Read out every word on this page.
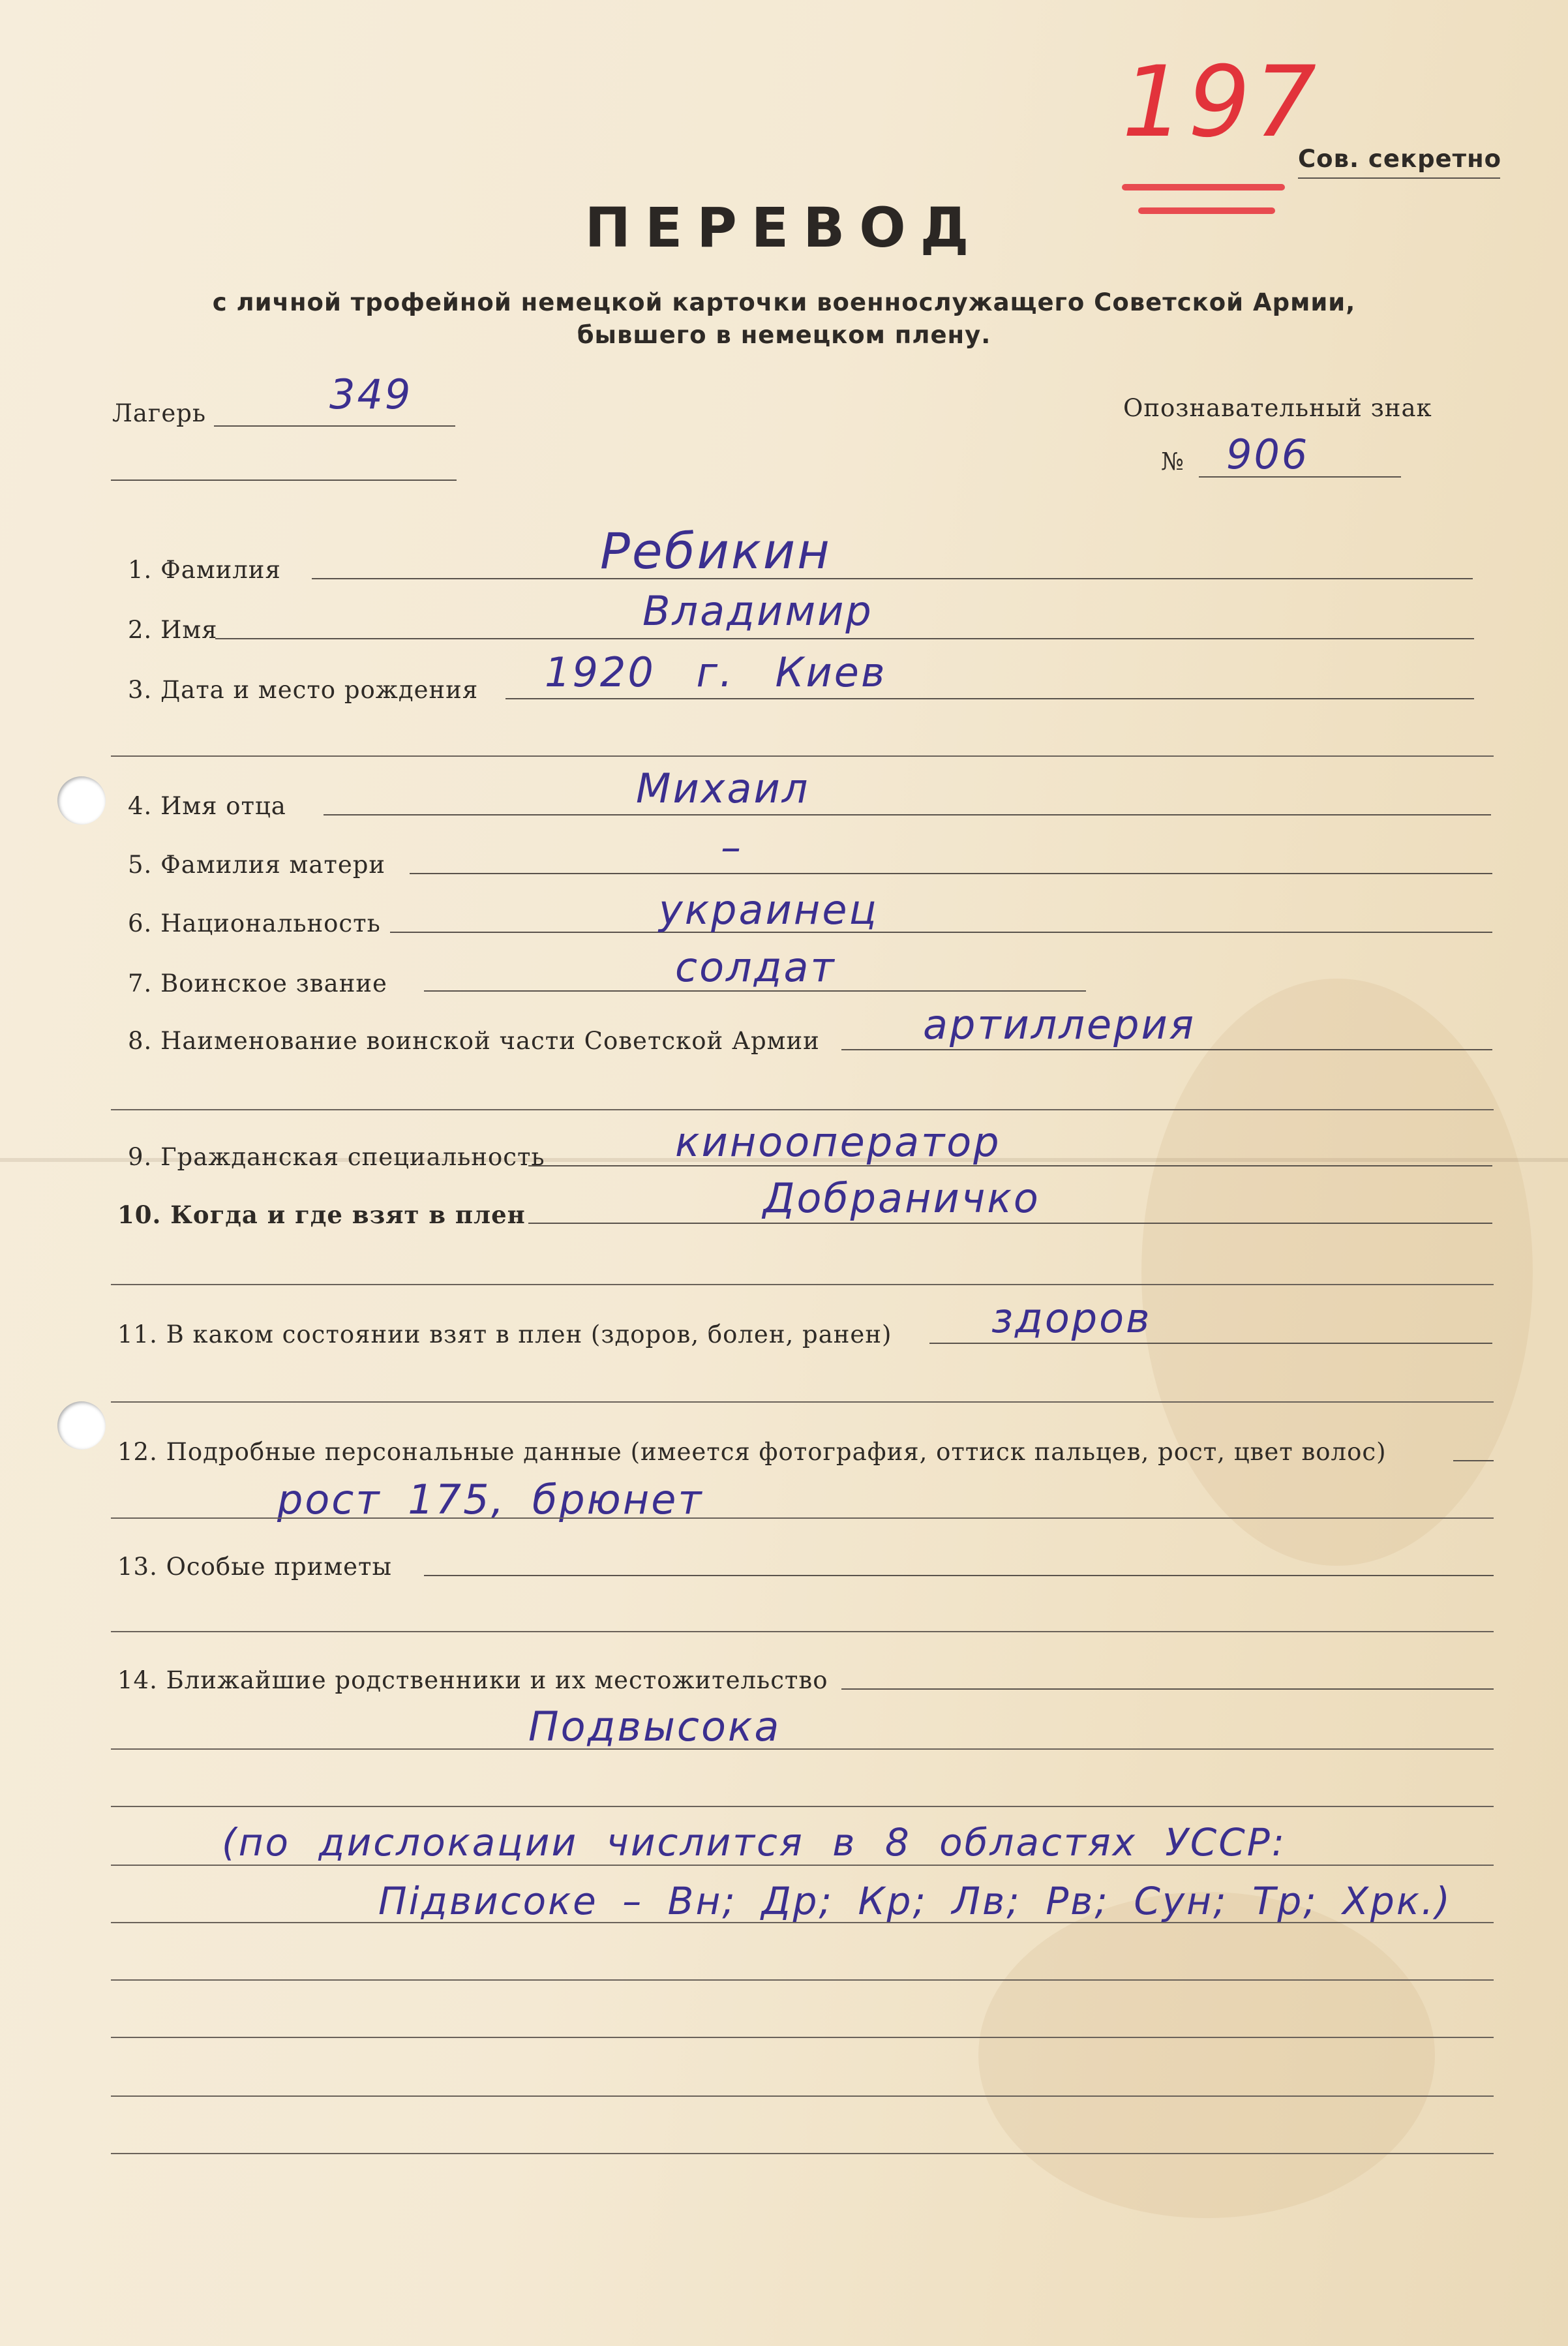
197
Сов. секретно
ПЕРЕВОД
с личной трофейной немецкой карточки военнослужащего Советской Армии,
бывшего в немецком плену.
Лагерь	349	Опознавательный знак
№ 906
1. Фамилия	Ребикин
2. Имя	Владимир
3. Дата и место рождения 1920 г. Киев
4. Имя отца	Михаил
5. Фамилия матери	–
6. Национальность	украинец
7. Воинское звание	солдат
8. Наименование воинской части Советской Армии	артиллерия
9. Гражданская специальность	кинооператор
10. Когда и где взят в плен	Добраничко
11. В каком состоянии взят в плен (здоров, болен, ранен) здоров
12. Подробные персональные данные (имеется фотография, оттиск пальцев, рост, цвет волос)
рост 175, брюнет
13. Особые приметы
14. Ближайшие родственники и их местожительство
Подвысока
(по дислокации числится в 8 областях УССР:
Підвисоке – Вн; Др; Кр; Лв; Рв; Сун; Тр; Хрк.)
